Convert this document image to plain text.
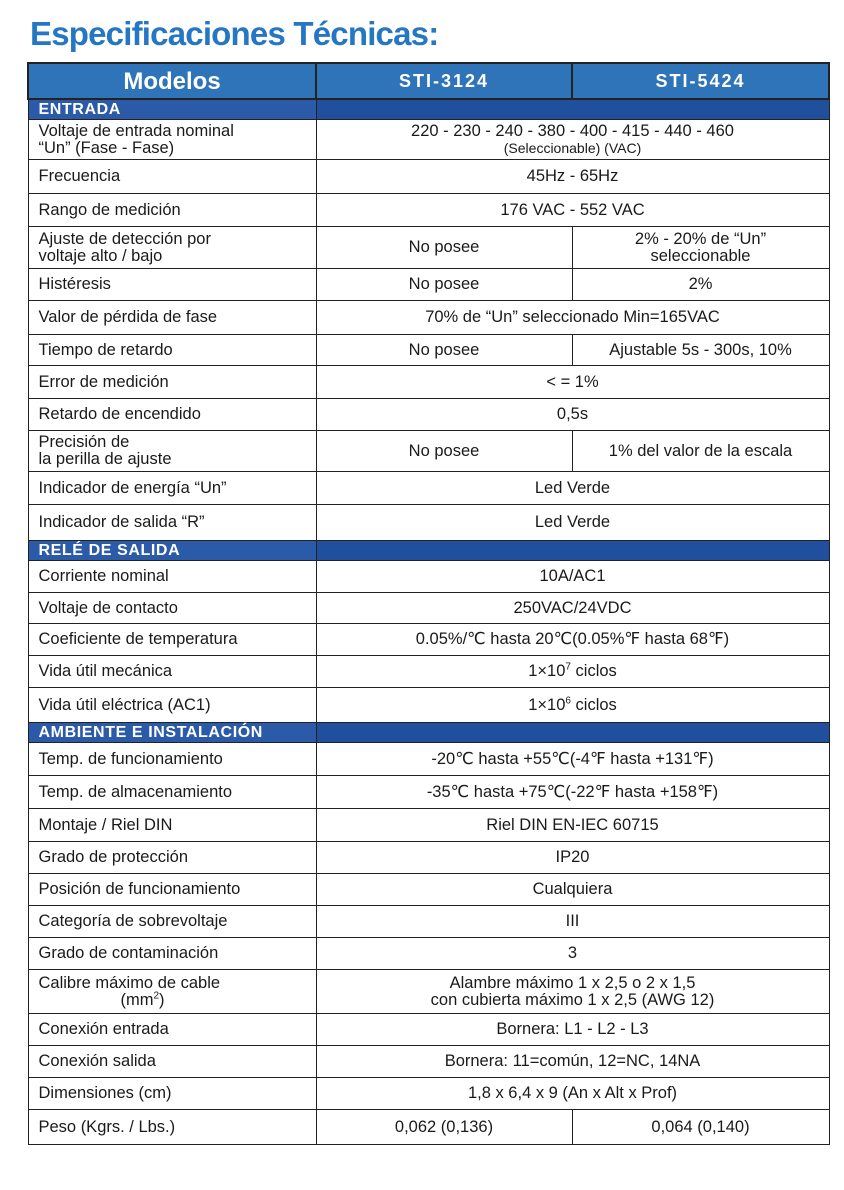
Especificaciones Técnicas:
Modelos	STI-3124	STI-5424
ENTRADA		
Voltaje de entrada nominal
“Un” (Fase - Fase)	220 - 230 - 240 - 380 - 400 - 415 - 440 - 460
(Seleccionable) (VAC)	
Frecuencia	45Hz - 65Hz	
Rango de medición	176 VAC - 552 VAC	
Ajuste de detección por
voltaje alto / bajo	No posee	2% - 20% de “Un”
seleccionable
Histéresis	No posee	2%
Valor de pérdida de fase	70% de “Un” seleccionado Min=165VAC	
Tiempo de retardo	No posee	Ajustable 5s - 300s, 10%
Error de medición	< = 1%	
Retardo de encendido	0,5s	
Precisión de
la perilla de ajuste	No posee	1% del valor de la escala
Indicador de energía “Un”	Led Verde	
Indicador de salida “R”	Led Verde	
RELÉ DE SALIDA		
Corriente nominal	10A/AC1	
Voltaje de contacto	250VAC/24VDC	
Coeficiente de temperatura	0.05%/℃ hasta 20℃(0.05%℉ hasta 68℉)	
Vida útil mecánica	$1\times 10^7$ ciclos	
Vida útil eléctrica (AC1)	$1\times 10^6$ ciclos	
AMBIENTE E INSTALACIÓN		
Temp. de funcionamiento	-20℃ hasta +55℃(-4℉ hasta +131℉)	
Temp. de almacenamiento	-35℃ hasta +75℃(-22℉ hasta +158℉)	
Montaje / Riel DIN	Riel DIN EN-IEC 60715	
Grado de protección	IP20	
Posición de funcionamiento	Cualquiera	
Categoría de sobrevoltaje	III	
Grado de contaminación	3	
Calibre máximo de cable
$(mm^2)$	Alambre máximo 1 x 2,5 o 2 x 1,5
con cubierta máximo 1 x 2,5 (AWG 12)	
Conexión entrada	Bornera: L1 - L2 - L3	
Conexión salida	Bornera: 11=común, 12=NC, 14NA	
Dimensiones (cm)	1,8 x 6,4 x 9 (An x Alt x Prof)	
Peso (Kgrs. / Lbs.)	0,062 (0,136)	0,064 (0,140)
